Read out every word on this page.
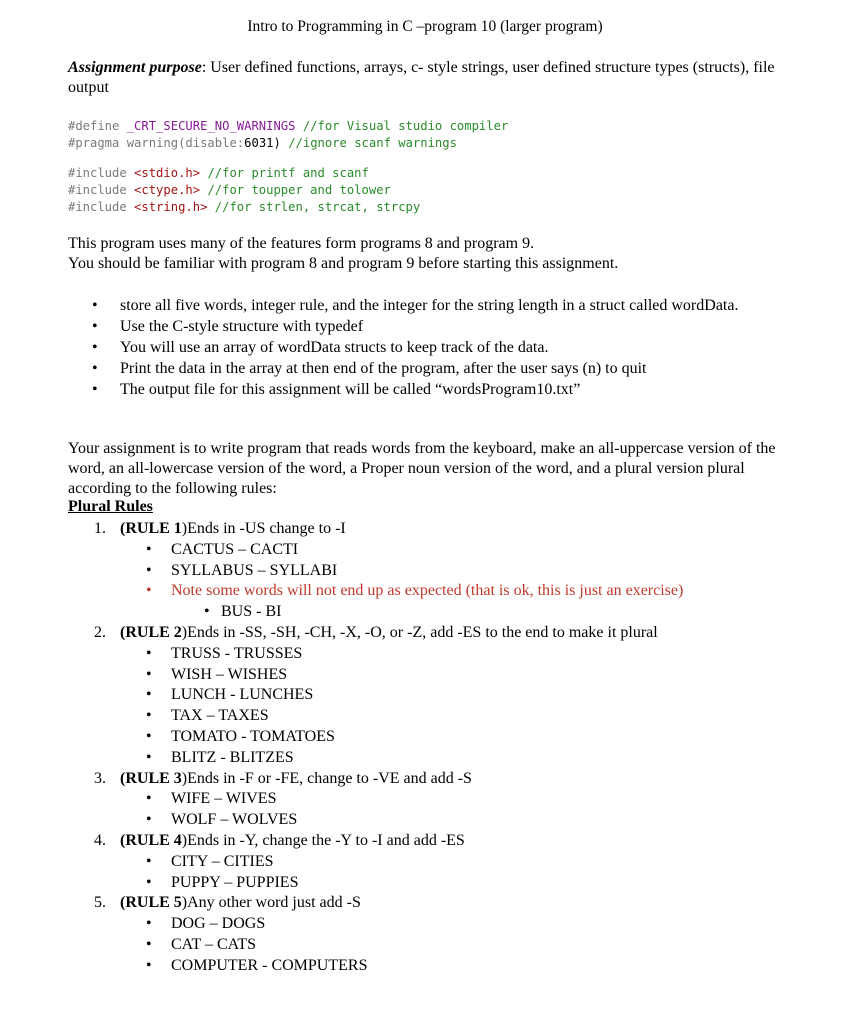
Intro to Programming in C –program 10 (larger program)
Assignment purpose: User defined functions, arrays, c- style strings, user defined structure types (structs), file output
#define _CRT_SECURE_NO_WARNINGS //for Visual studio compiler
#pragma warning(disable:6031) //ignore scanf warnings
#include <stdio.h> //for printf and scanf
#include <ctype.h> //for toupper and tolower
#include <string.h> //for strlen, strcat, strcpy
This program uses many of the features form programs 8 and program 9.
You should be familiar with program 8 and program 9 before starting this assignment.
• store all five words, integer rule, and the integer for the string length in a struct called wordData.
• Use the C-style structure with typedef
• You will use an array of wordData structs to keep track of the data.
• Print the data in the array at then end of the program, after the user says (n) to quit
• The output file for this assignment will be called “wordsProgram10.txt”
Your assignment is to write program that reads words from the keyboard, make an all-uppercase version of the word, an all-lowercase version of the word, a Proper noun version of the word, and a plural version plural according to the following rules:
Plural Rules
1. (RULE 1)Ends in -US change to -I
• CACTUS – CACTI
• SYLLABUS – SYLLABI
• Note some words will not end up as expected (that is ok, this is just an exercise)
• BUS - BI
2. (RULE 2)Ends in -SS, -SH, -CH, -X, -O, or -Z, add -ES to the end to make it plural
• TRUSS - TRUSSES
• WISH – WISHES
• LUNCH - LUNCHES
• TAX – TAXES
• TOMATO - TOMATOES
• BLITZ - BLITZES
3. (RULE 3)Ends in -F or -FE, change to -VE and add -S
• WIFE – WIVES
• WOLF – WOLVES
4. (RULE 4)Ends in -Y, change the -Y to -I and add -ES
• CITY – CITIES
• PUPPY – PUPPIES
5. (RULE 5)Any other word just add -S
• DOG – DOGS
• CAT – CATS
• COMPUTER - COMPUTERS
